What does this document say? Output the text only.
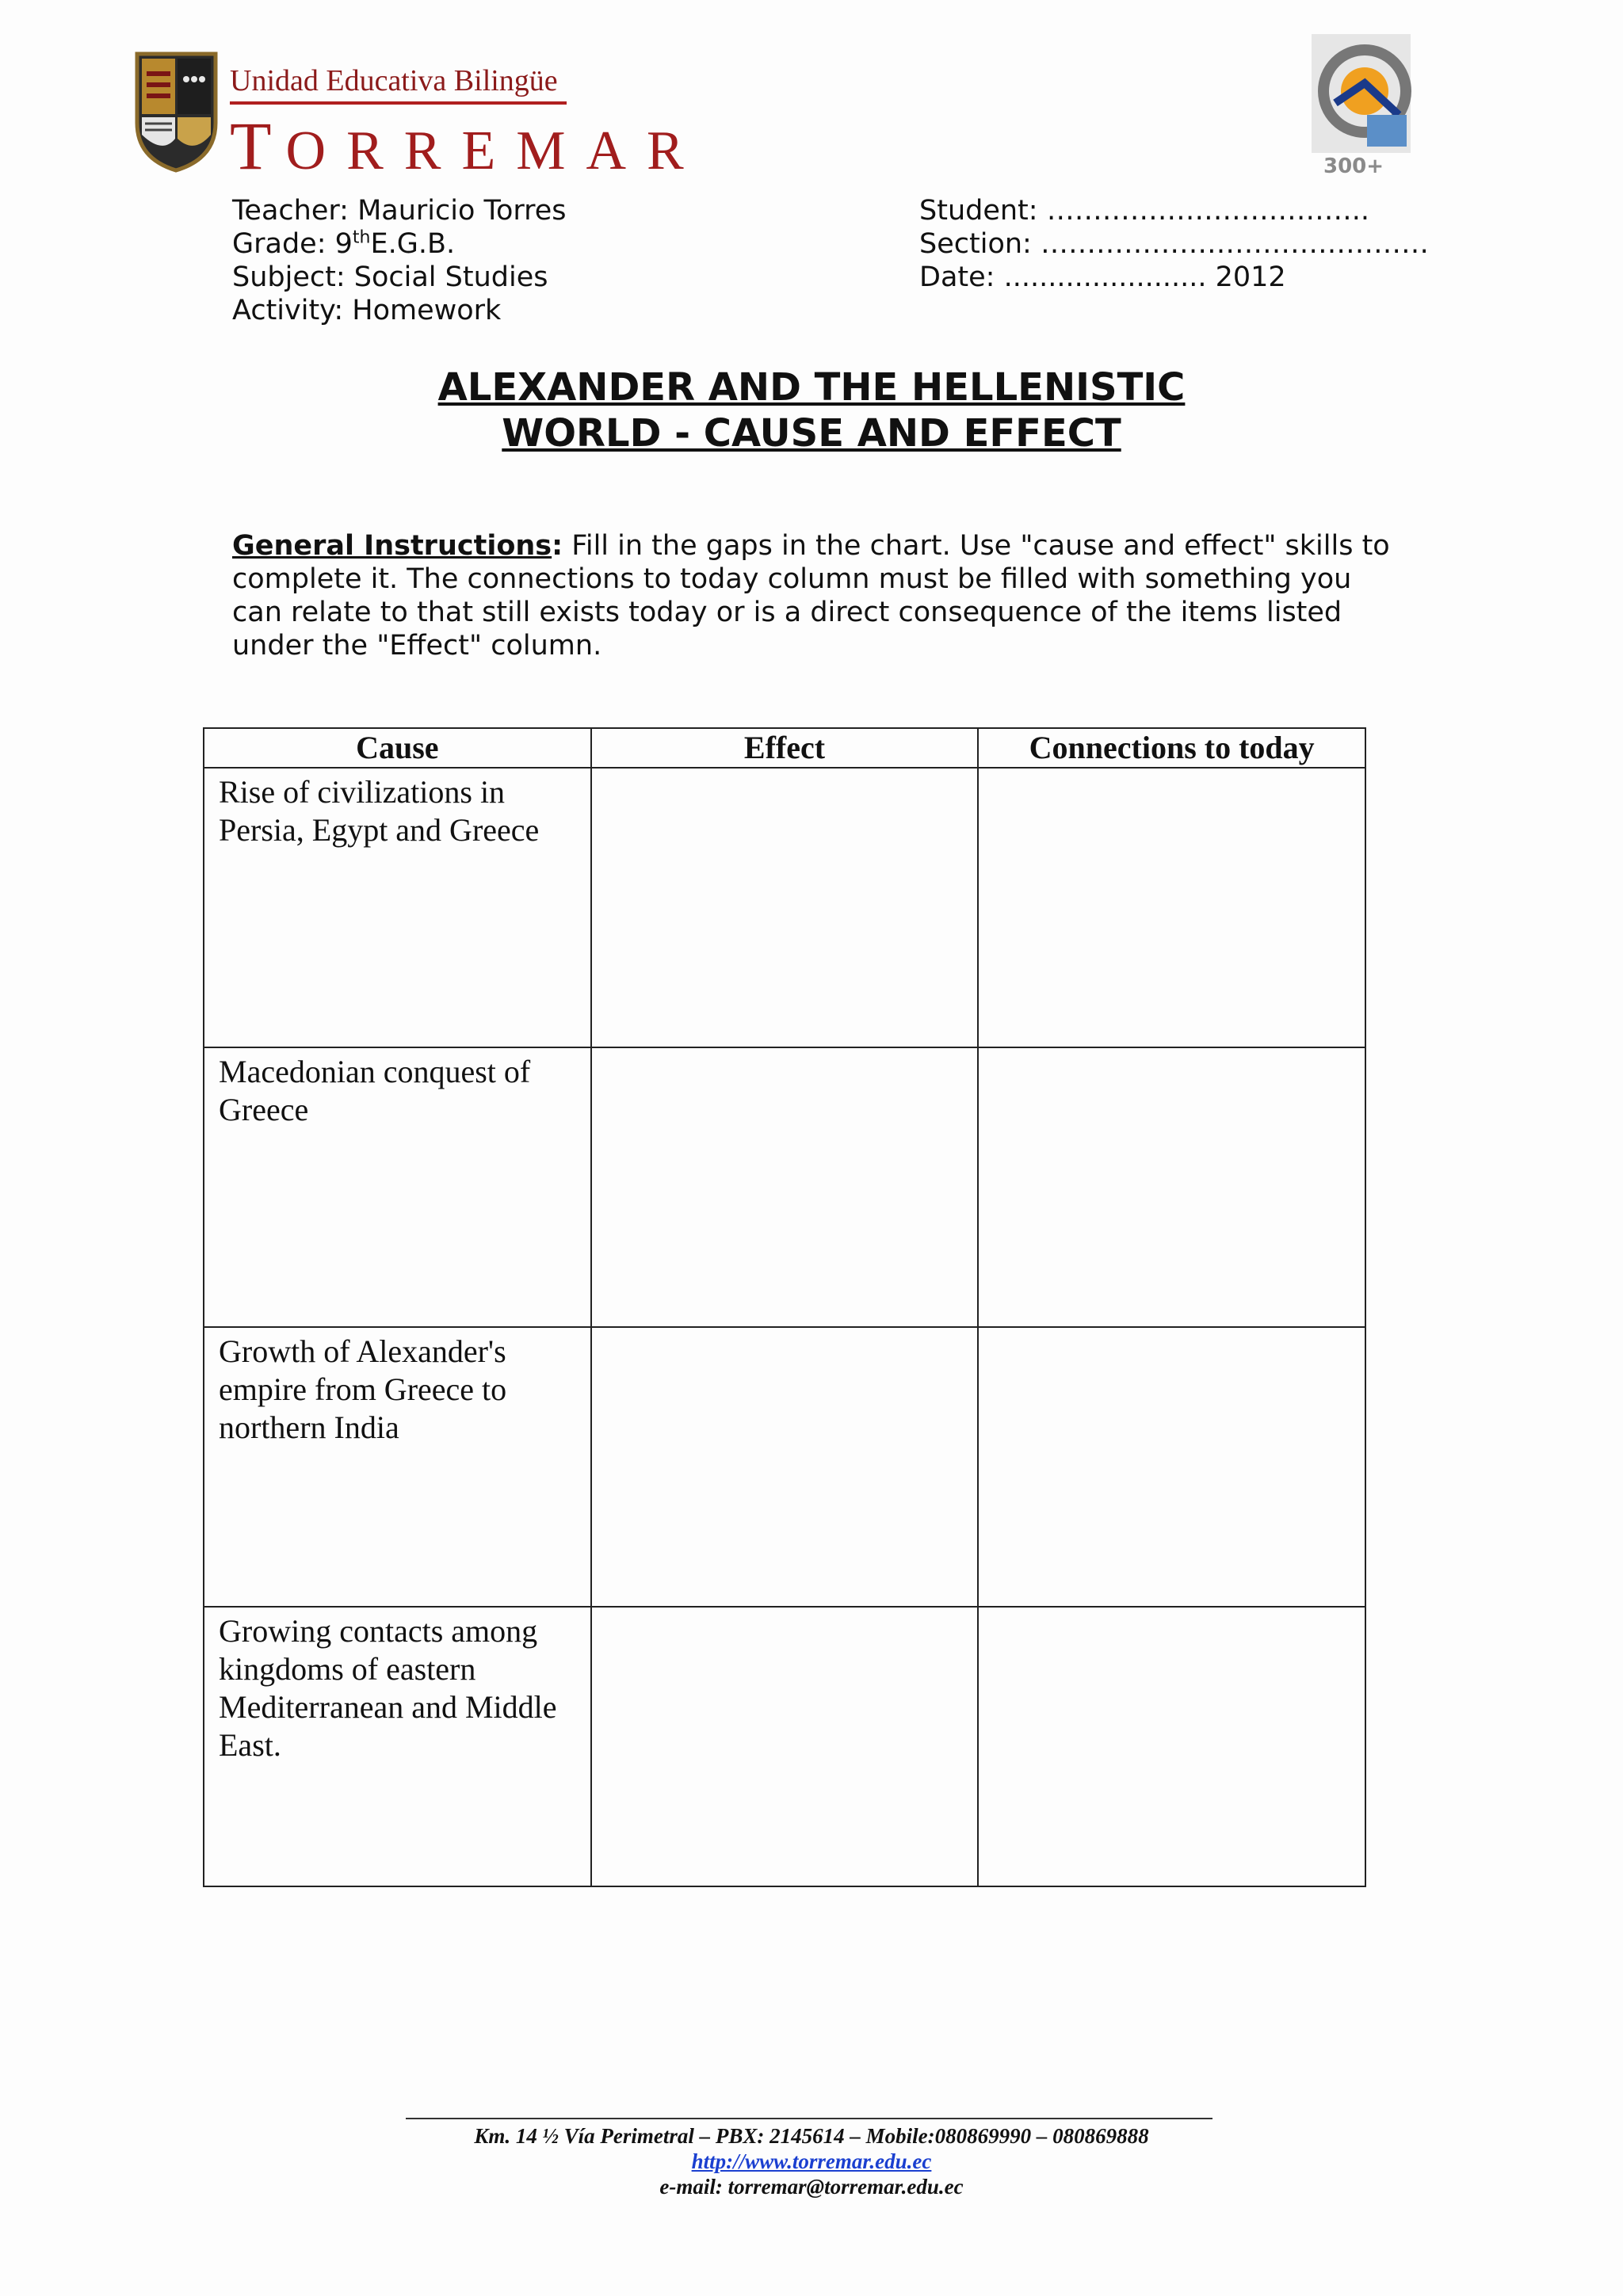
Unidad Educativa Bilingüe
TORREMAR	300+
Teacher: Mauricio Torres
Grade: 9thE.G.B.
Subject: Social Studies
Activity: Homework
Student: ……………………………..
Section: ……………………………………
Date: ....................... 2012
ALEXANDER AND THE HELLENISTIC
WORLD - CAUSE AND EFFECT
General Instructions: Fill in the gaps in the chart. Use "cause and effect" skills to complete it. The connections to today column must be filled with something you can relate to that still exists today or is a direct consequence of the items listed under the "Effect" column.
Cause	Effect	Connections to today
Rise of civilizations in Persia, Egypt and Greece		
Macedonian conquest of Greece		
Growth of Alexander's empire from Greece to northern India		
Growing contacts among kingdoms of eastern Mediterranean and Middle East.		
Km. 14 ½ Vía Perimetral – PBX: 2145614 – Mobile:080869990 – 080869888
http://www.torremar.edu.ec
e-mail: torremar@torremar.edu.ec
